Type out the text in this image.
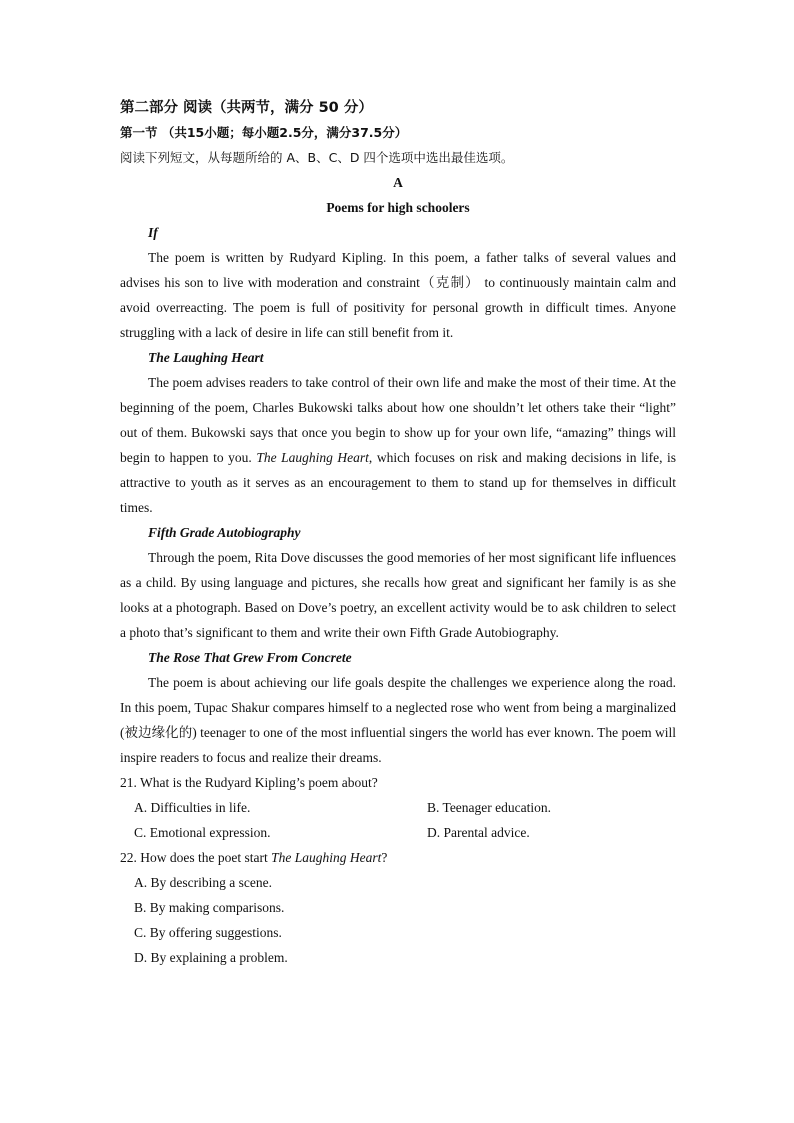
第二部分 阅读（共两节，满分 50 分）
第一节 （共15小题；每小题2.5分，满分37.5分）
阅读下列短文，从每题所给的 A、B、C、D 四个选项中选出最佳选项。
A
Poems for high schoolers
If

The poem is written by Rudyard Kipling. In this poem, a father talks of several values and advises his son to live with moderation and constraint（克制） to continuously maintain calm and avoid overreacting. The poem is full of positivity for personal growth in difficult times. Anyone struggling with a lack of desire in life can still benefit from it.

The Laughing Heart

The poem advises readers to take control of their own life and make the most of their time. At the beginning of the poem, Charles Bukowski talks about how one shouldn’t let others take their “light” out of them. Bukowski says that once you begin to show up for your own life, “amazing” things will begin to happen to you. The Laughing Heart, which focuses on risk and making decisions in life, is attractive to youth as it serves as an encouragement to them to stand up for themselves in difficult times.

Fifth Grade Autobiography

Through the poem, Rita Dove discusses the good memories of her most significant life influences as a child. By using language and pictures, she recalls how great and significant her family is as she looks at a photograph. Based on Dove’s poetry, an excellent activity would be to ask children to select a photo that’s significant to them and write their own Fifth Grade Autobiography.

The Rose That Grew From Concrete

The poem is about achieving our life goals despite the challenges we experience along the road. In this poem, Tupac Shakur compares himself to a neglected rose who went from being a marginalized (被边缘化的) teenager to one of the most influential singers the world has ever known. The poem will inspire readers to focus and realize their dreams.

21. What is the Rudyard Kipling’s poem about?
A. Difficulties in life.	B. Teenager education.
C. Emotional expression.	D. Parental advice.
22. How does the poet start The Laughing Heart?
A. By describing a scene.
B. By making comparisons.
C. By offering suggestions.
D. By explaining a problem.
